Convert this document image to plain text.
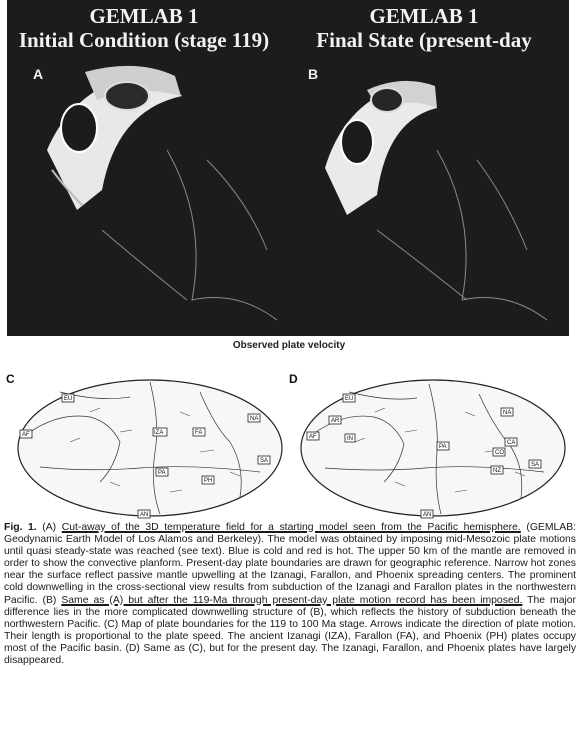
GEMLAB 1
Initial Condition (stage 119)
GEMLAB 1
Final State (present-day
A	B
Observed plate velocity
C
EU
AF
AN
IZA	FA
NA
SA
PA
PH
D
EU
AF
AR
IN
AN
PA
NA
CA
CO
NZ
SA
Fig. 1. (A) Cut-away of the 3D temperature field for a starting model seen from the Pacific hemisphere. (GEMLAB: Geodynamic Earth Model of Los Alamos and Berkeley). The model was obtained by imposing mid-Mesozoic plate motions until quasi steady-state was reached (see text). Blue is cold and red is hot. The upper 50 km of the mantle are removed in order to show the convective planform. Present-day plate boundaries are drawn for geographic reference. Narrow hot zones near the surface reflect passive mantle upwelling at the Izanagi, Farallon, and Phoenix spreading centers. The prominent cold downwelling in the cross-sectional view results from subduction of the Izanagi and Farallon plates in the northwestern Pacific. (B) Same as (A) but after the 119-Ma through present-day plate motion record has been imposed. The major difference lies in the more complicated downwelling structure of (B), which reflects the history of subduction beneath the northwestern Pacific. (C) Map of plate boundaries for the 119 to 100 Ma stage. Arrows indicate the direction of plate motion. Their length is proportional to the plate speed. The ancient Izanagi (IZA), Farallon (FA), and Phoenix (PH) plates occupy most of the Pacific basin. (D) Same as (C), but for the present day. The Izanagi, Farallon, and Phoenix plates have largely disappeared.
